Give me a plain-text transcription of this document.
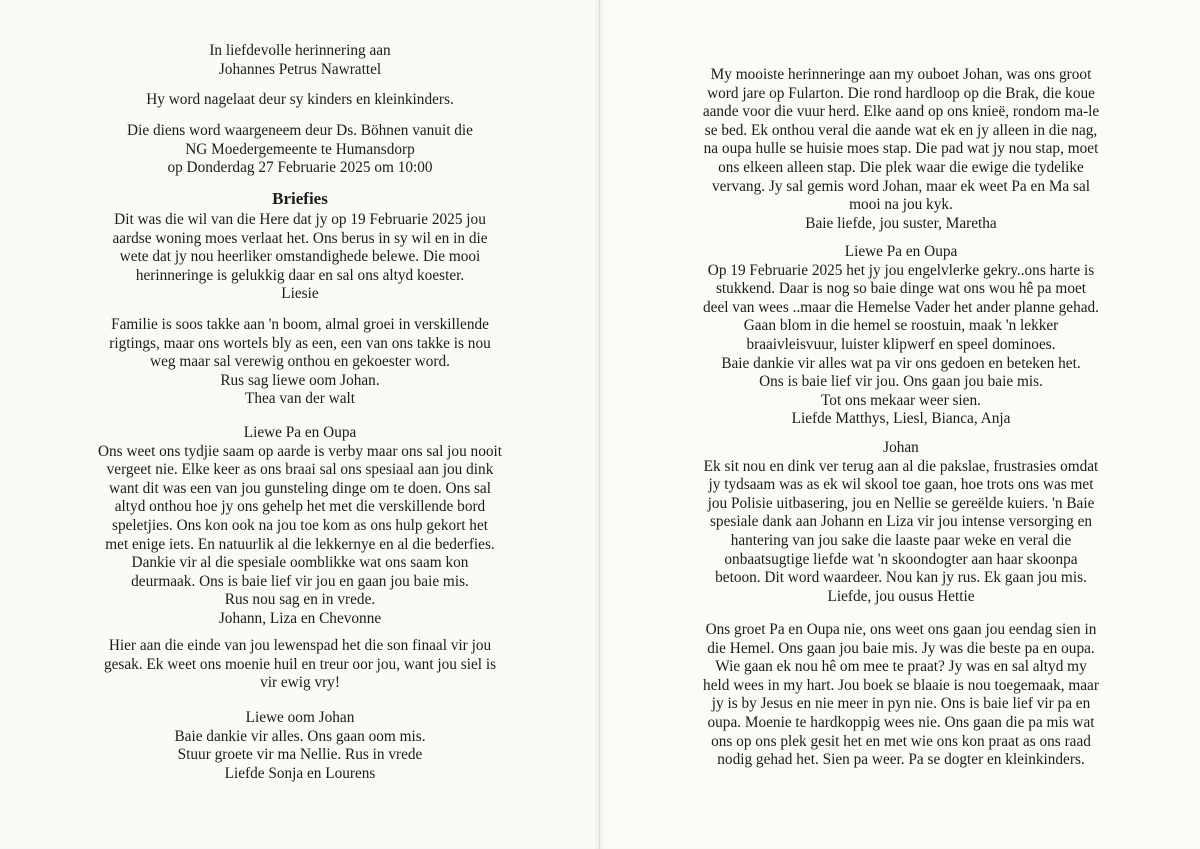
In liefdevolle herinnering aan
Johannes Petrus Nawrattel
Hy word nagelaat deur sy kinders en kleinkinders.
Die diens word waargeneem deur Ds. Böhnen vanuit die
NG Moedergemeente te Humansdorp
op Donderdag 27 Februarie 2025 om 10:00
Briefies
Dit was die wil van die Here dat jy op 19 Februarie 2025 jou
aardse woning moes verlaat het. Ons berus in sy wil en in die
wete dat jy nou heerliker omstandighede belewe. Die mooi
herinneringe is gelukkig daar en sal ons altyd koester.
Liesie
Familie is soos takke aan 'n boom, almal groei in verskillende
rigtings, maar ons wortels bly as een, een van ons takke is nou
weg maar sal verewig onthou en gekoester word.
Rus sag liewe oom Johan.
Thea van der walt
Liewe Pa en Oupa
Ons weet ons tydjie saam op aarde is verby maar ons sal jou nooit
vergeet nie. Elke keer as ons braai sal ons spesiaal aan jou dink
want dit was een van jou gunsteling dinge om te doen. Ons sal
altyd onthou hoe jy ons gehelp het met die verskillende bord
speletjies. Ons kon ook na jou toe kom as ons hulp gekort het
met enige iets. En natuurlik al die lekkernye en al die bederfies.
Dankie vir al die spesiale oomblikke wat ons saam kon
deurmaak. Ons is baie lief vir jou en gaan jou baie mis.
Rus nou sag en in vrede.
Johann, Liza en Chevonne
Hier aan die einde van jou lewenspad het die son finaal vir jou
gesak. Ek weet ons moenie huil en treur oor jou, want jou siel is
vir ewig vry!
Liewe oom Johan
Baie dankie vir alles. Ons gaan oom mis.
Stuur groete vir ma Nellie. Rus in vrede
Liefde Sonja en Lourens
My mooiste herinneringe aan my ouboet Johan, was ons groot
word jare op Fularton. Die rond hardloop op die Brak, die koue
aande voor die vuur herd. Elke aand op ons knieë, rondom ma-le
se bed. Ek onthou veral die aande wat ek en jy alleen in die nag,
na oupa hulle se huisie moes stap. Die pad wat jy nou stap, moet
ons elkeen alleen stap. Die plek waar die ewige die tydelike
vervang. Jy sal gemis word Johan, maar ek weet Pa en Ma sal
mooi na jou kyk.
Baie liefde, jou suster, Maretha
Liewe Pa en Oupa
Op 19 Februarie 2025 het jy jou engelvlerke gekry..ons harte is
stukkend. Daar is nog so baie dinge wat ons wou hê pa moet
deel van wees ..maar die Hemelse Vader het ander planne gehad.
Gaan blom in die hemel se roostuin, maak 'n lekker
braaivleisvuur, luister klipwerf en speel dominoes.
Baie dankie vir alles wat pa vir ons gedoen en beteken het.
Ons is baie lief vir jou. Ons gaan jou baie mis.
Tot ons mekaar weer sien.
Liefde Matthys, Liesl, Bianca, Anja
Johan
Ek sit nou en dink ver terug aan al die pakslae, frustrasies omdat
jy tydsaam was as ek wil skool toe gaan, hoe trots ons was met
jou Polisie uitbasering, jou en Nellie se gereëlde kuiers. 'n Baie
spesiale dank aan Johann en Liza vir jou intense versorging en
hantering van jou sake die laaste paar weke en veral die
onbaatsugtige liefde wat 'n skoondogter aan haar skoonpa
betoon. Dit word waardeer. Nou kan jy rus. Ek gaan jou mis.
Liefde, jou ousus Hettie
Ons groet Pa en Oupa nie, ons weet ons gaan jou eendag sien in
die Hemel. Ons gaan jou baie mis. Jy was die beste pa en oupa.
Wie gaan ek nou hê om mee te praat? Jy was en sal altyd my
held wees in my hart. Jou boek se blaaie is nou toegemaak, maar
jy is by Jesus en nie meer in pyn nie. Ons is baie lief vir pa en
oupa. Moenie te hardkoppig wees nie. Ons gaan die pa mis wat
ons op ons plek gesit het en met wie ons kon praat as ons raad
nodig gehad het. Sien pa weer. Pa se dogter en kleinkinders.
